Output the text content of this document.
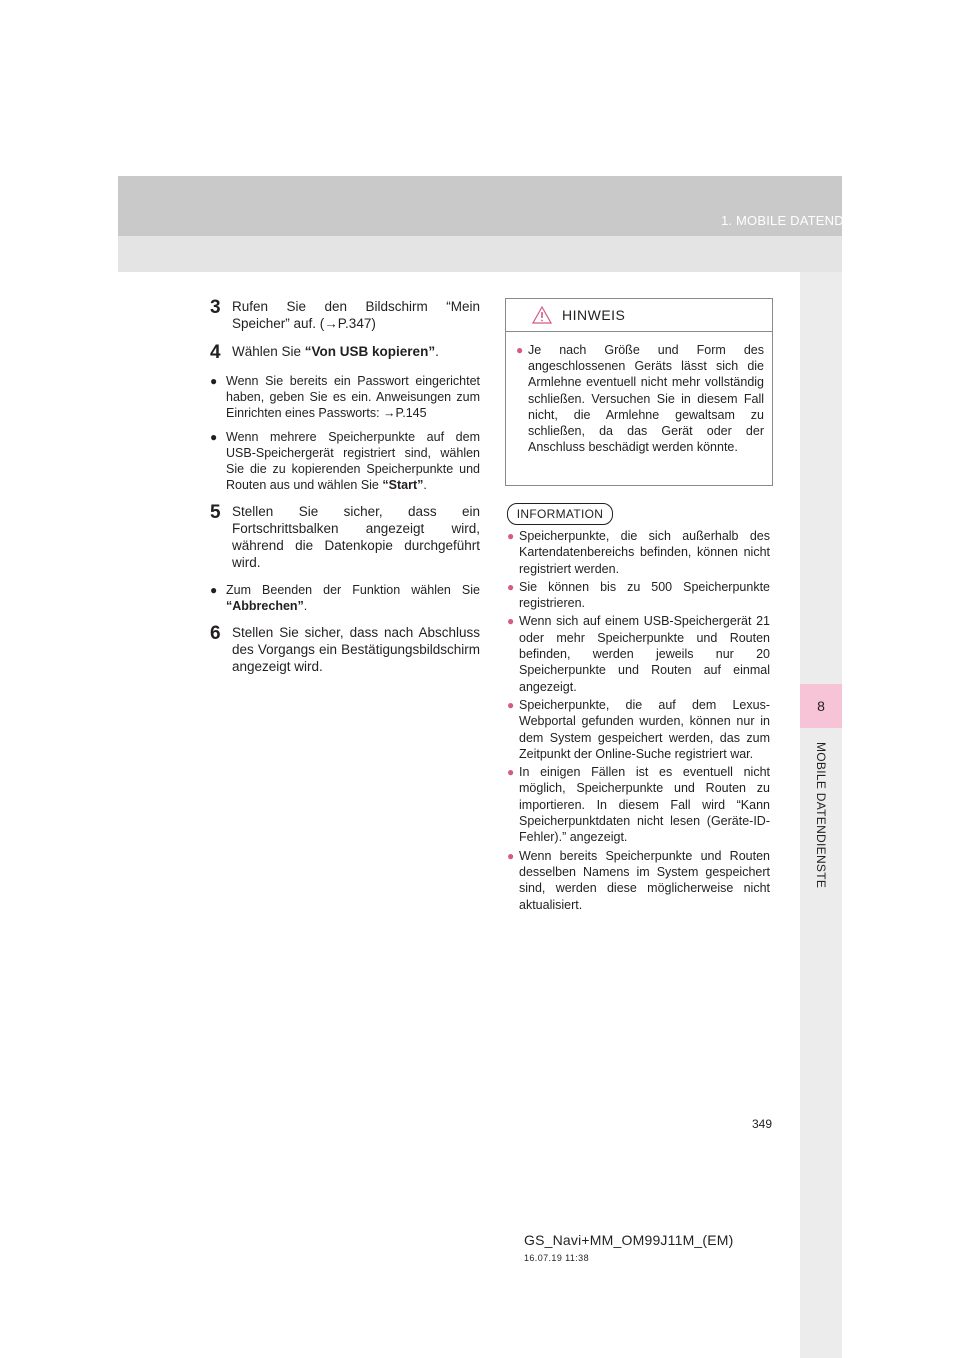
1. MOBILE DATENDIENSTE
8
MOBILE DATENDIENSTE
3 Rufen Sie den Bildschirm “Mein Speicher” auf. (→P.347)
4 Wählen Sie “Von USB kopieren”.
● Wenn Sie bereits ein Passwort eingerichtet haben, geben Sie es ein. Anweisungen zum Einrichten eines Passworts: →P.145
● Wenn mehrere Speicherpunkte auf dem USB-Speichergerät registriert sind, wählen Sie die zu kopierenden Speicherpunkte und Routen aus und wählen Sie “Start”.
5 Stellen Sie sicher, dass ein Fortschrittsbalken angezeigt wird, während die Datenkopie durchgeführt wird.
● Zum Beenden der Funktion wählen Sie “Abbrechen”.
6 Stellen Sie sicher, dass nach Abschluss des Vorgangs ein Bestätigungsbildschirm angezeigt wird.
HINWEIS
● Je nach Größe und Form des angeschlossenen Geräts lässt sich die Armlehne eventuell nicht mehr vollständig schließen. Versuchen Sie in diesem Fall nicht, die Armlehne gewaltsam zu schließen, da das Gerät oder der Anschluss beschädigt werden könnte.
INFORMATION
● Speicherpunkte, die sich außerhalb des Kartendatenbereichs befinden, können nicht registriert werden.
● Sie können bis zu 500 Speicherpunkte registrieren.
● Wenn sich auf einem USB-Speichergerät 21 oder mehr Speicherpunkte und Routen befinden, werden jeweils nur 20 Speicherpunkte und Routen auf einmal angezeigt.
● Speicherpunkte, die auf dem Lexus-Webportal gefunden wurden, können nur in dem System gespeichert werden, das zum Zeitpunkt der Online-Suche registriert war.
● In einigen Fällen ist es eventuell nicht möglich, Speicherpunkte und Routen zu importieren. In diesem Fall wird “Kann Speicherpunktdaten nicht lesen (Geräte-ID-Fehler).” angezeigt.
● Wenn bereits Speicherpunkte und Routen desselben Namens im System gespeichert sind, werden diese möglicherweise nicht aktualisiert.
349
GS_Navi+MM_OM99J11M_(EM)
16.07.19 11:38
